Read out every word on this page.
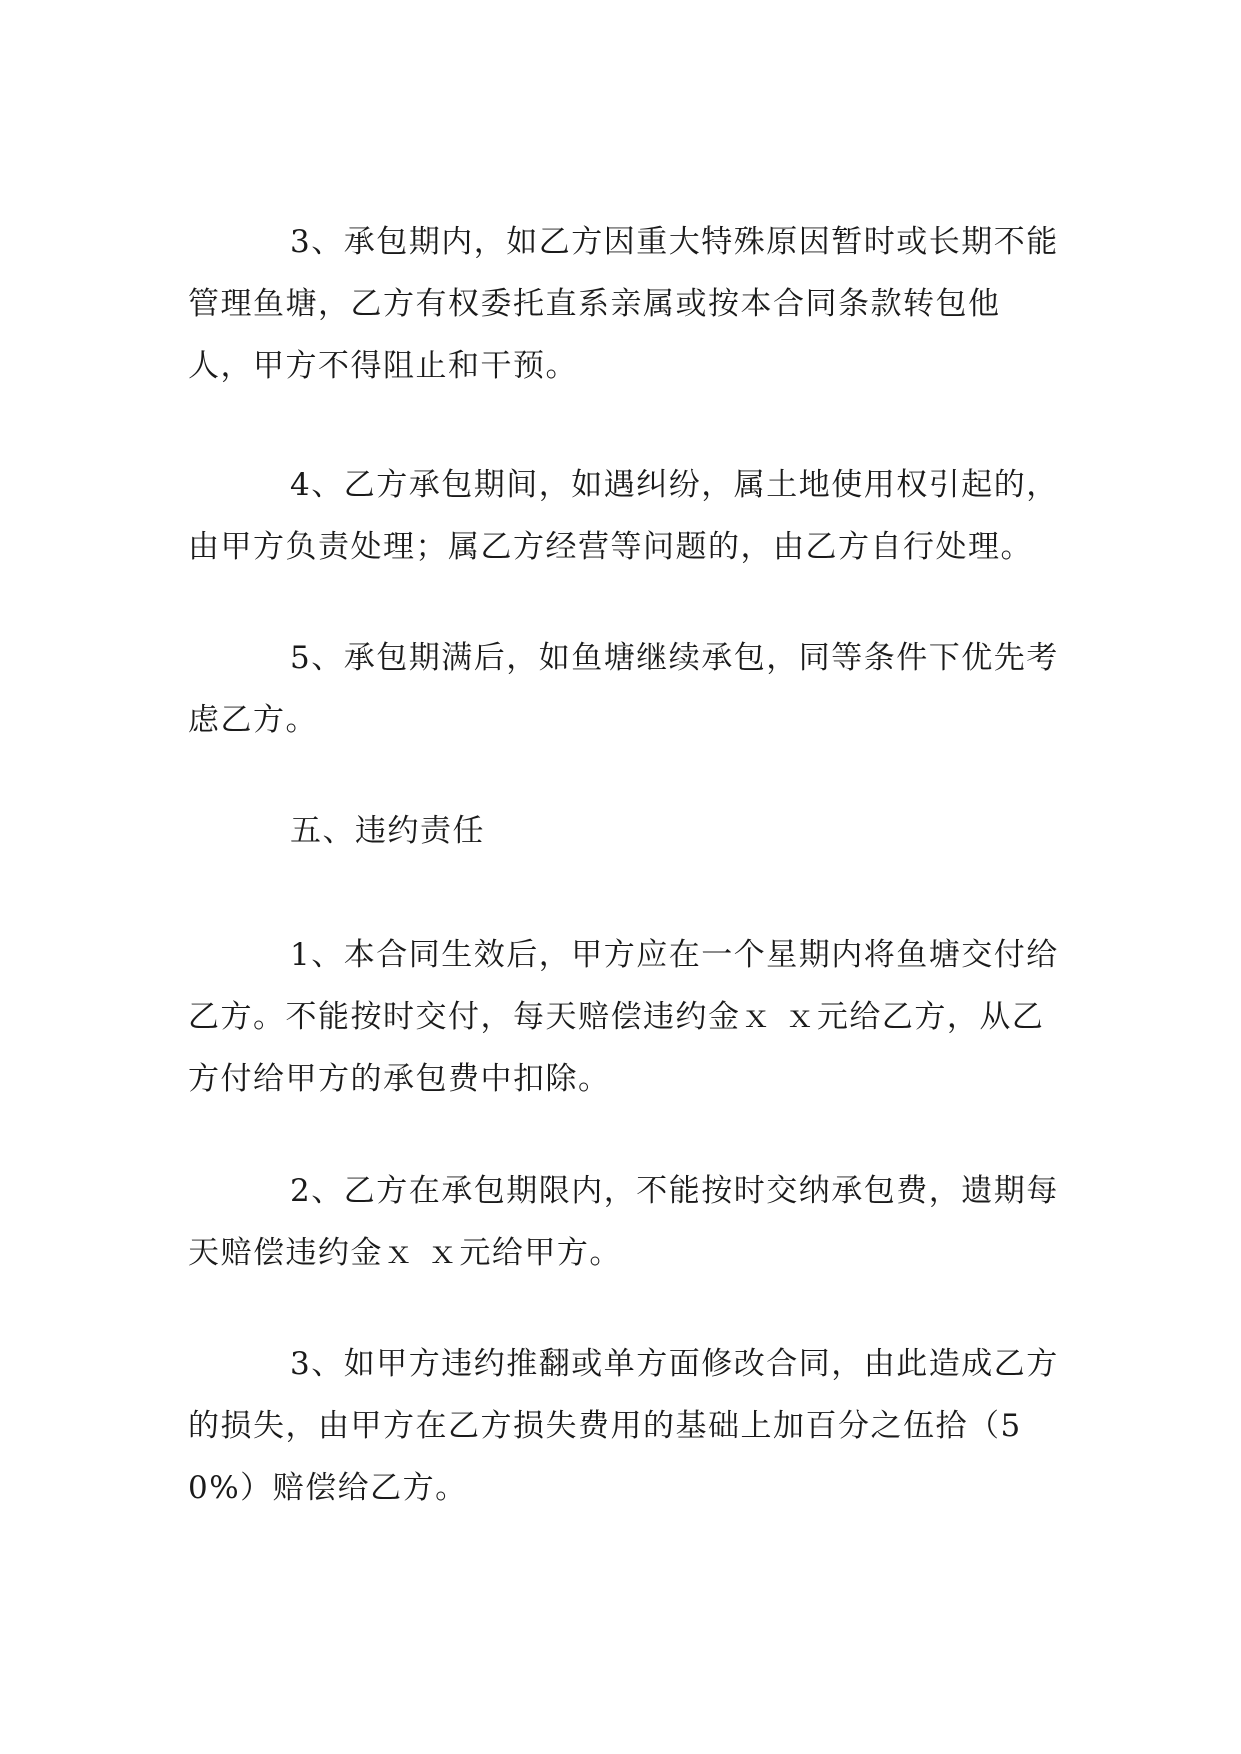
3、承包期内，如乙方因重大特殊原因暂时或长期不能管理鱼塘，乙方有权委托直系亲属或按本合同条款转包他人，甲方不得阻止和干预。

4、乙方承包期间，如遇纠纷，属土地使用权引起的，由甲方负责处理；属乙方经营等问题的，由乙方自行处理。

5、承包期满后，如鱼塘继续承包，同等条件下优先考虑乙方。

五、违约责任

1、本合同生效后，甲方应在一个星期内将鱼塘交付给乙方。不能按时交付，每天赔偿违约金ｘ ｘ元给乙方，从乙方付给甲方的承包费中扣除。

2、乙方在承包期限内，不能按时交纳承包费，遗期每天赔偿违约金ｘ ｘ元给甲方。

3、如甲方违约推翻或单方面修改合同，由此造成乙方的损失，由甲方在乙方损失费用的基础上加百分之伍拾（50%）赔偿给乙方。
